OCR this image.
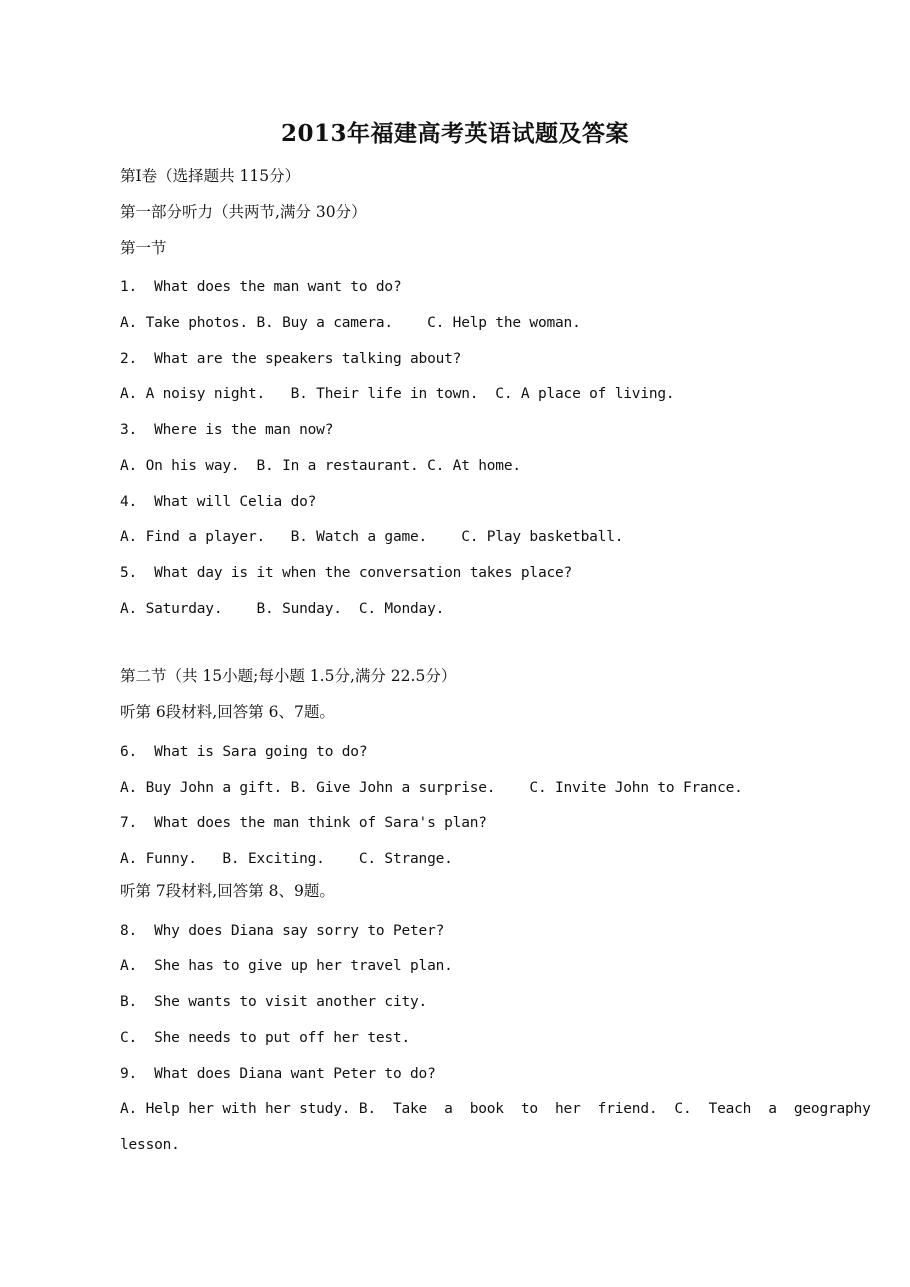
2013年福建高考英语试题及答案
第Ⅰ卷（选择题共 115分）
第一部分听力（共两节,满分 30分）
第一节
1.  What does the man want to do?
A. Take photos. B. Buy a camera.    C. Help the woman.
2.  What are the speakers talking about?
A. A noisy night.   B. Their life in town.  C. A place of living.
3.  Where is the man now?
A. On his way.  B. In a restaurant. C. At home.
4.  What will Celia do?
A. Find a player.   B. Watch a game.    C. Play basketball.
5.  What day is it when the conversation takes place?
A. Saturday.    B. Sunday.  C. Monday.
第二节（共 15小题;每小题 1.5分,满分 22.5分）
听第 6段材料,回答第 6、7题。
6.  What is Sara going to do?
A. Buy John a gift. B. Give John a surprise.    C. Invite John to France.
7.  What does the man think of Sara's plan?
A. Funny.   B. Exciting.    C. Strange.
听第 7段材料,回答第 8、9题。
8.  Why does Diana say sorry to Peter?
A.  She has to give up her travel plan.
B.  She wants to visit another city.
C.  She needs to put off her test.
9.  What does Diana want Peter to do?
A. Help her with her study. B.  Take  a  book  to  her  friend.  C.  Teach  a  geography
lesson.
